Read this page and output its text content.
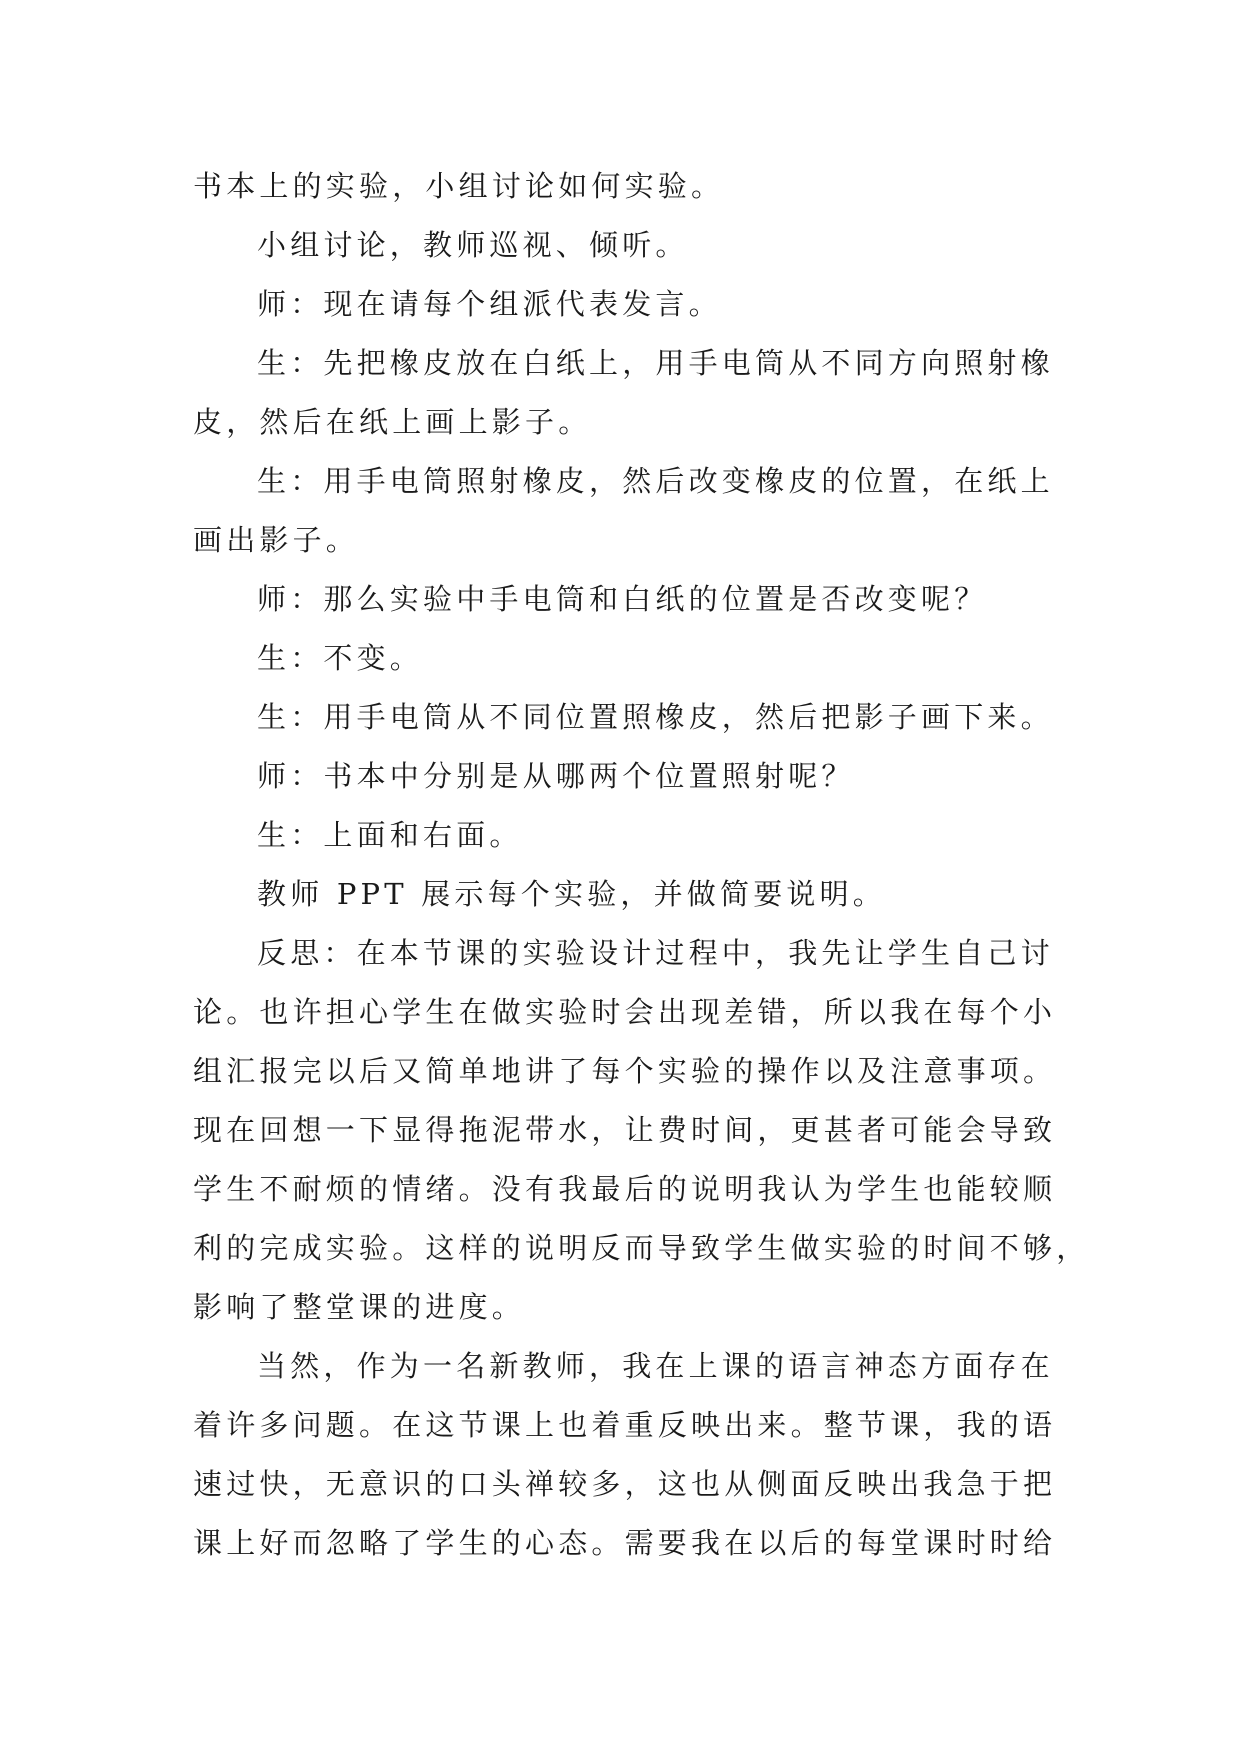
书本上的实验，小组讨论如何实验。
小组讨论，教师巡视、倾听。
师：现在请每个组派代表发言。
生：先把橡皮放在白纸上，用手电筒从不同方向照射橡
皮，然后在纸上画上影子。
生：用手电筒照射橡皮，然后改变橡皮的位置，在纸上
画出影子。
师：那么实验中手电筒和白纸的位置是否改变呢？
生：不变。
生：用手电筒从不同位置照橡皮，然后把影子画下来。
师：书本中分别是从哪两个位置照射呢？
生：上面和右面。
教师 PPT 展示每个实验，并做简要说明。
反思：在本节课的实验设计过程中，我先让学生自己讨
论。也许担心学生在做实验时会出现差错，所以我在每个小
组汇报完以后又简单地讲了每个实验的操作以及注意事项。
现在回想一下显得拖泥带水，让费时间，更甚者可能会导致
学生不耐烦的情绪。没有我最后的说明我认为学生也能较顺
利的完成实验。这样的说明反而导致学生做实验的时间不够，
影响了整堂课的进度。
当然，作为一名新教师，我在上课的语言神态方面存在
着许多问题。在这节课上也着重反映出来。整节课，我的语
速过快，无意识的口头禅较多，这也从侧面反映出我急于把
课上好而忽略了学生的心态。需要我在以后的每堂课时时给
